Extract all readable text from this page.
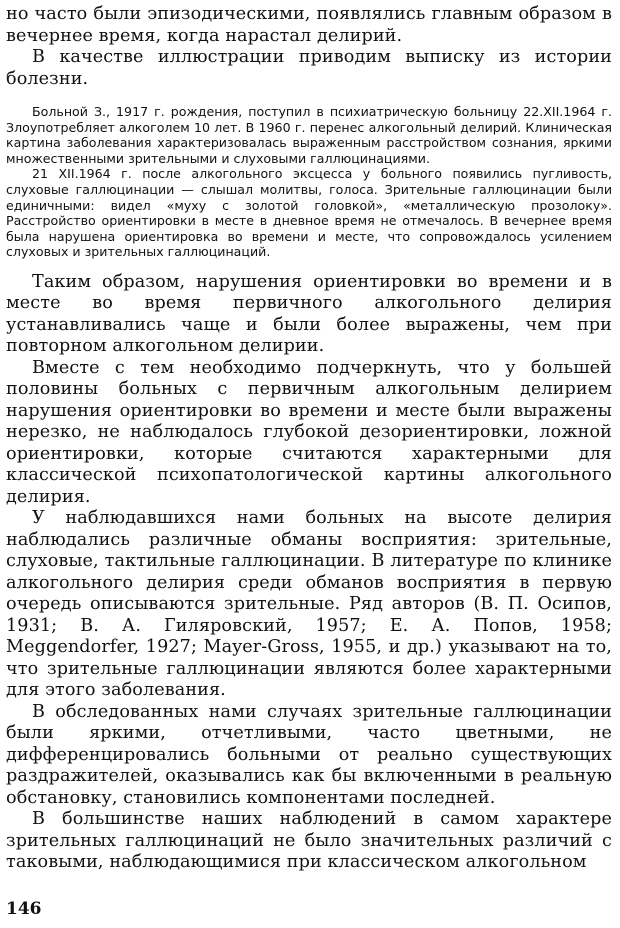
но часто были эпизодическими, появлялись главным образом в вечернее время, когда нарастал делирий.

В качестве иллюстрации приводим выписку из истории болезни.

Больной З., 1917 г. рождения, поступил в психиатрическую больницу 22.XII.1964 г. Злоупотребляет алкоголем 10 лет. В 1960 г. перенес алкогольный делирий. Клиническая картина заболевания характеризовалась выраженным расстройством сознания, яркими множественными зрительными и слуховыми галлюцинациями.

21 XII.1964 г. после алкогольного эксцесса у больного появились пугливость, слуховые галлюцинации — слышал молитвы, голоса. Зрительные галлюцинации были единичными: видел «муху с золотой головкой», «металлическую прозолоку». Расстройство ориентировки в месте в дневное время не отмечалось. В вечернее время была нарушена ориентировка во времени и месте, что сопровождалось усилением слуховых и зрительных галлюцинаций.

Таким образом, нарушения ориентировки во времени и в месте во время первичного алкогольного делирия устанавливались чаще и были более выражены, чем при повторном алкогольном делирии.

Вместе с тем необходимо подчеркнуть, что у большей половины больных с первичным алкогольным делирием нарушения ориентировки во времени и месте были выражены нерезко, не наблюдалось глубокой дезориентировки, ложной ориентировки, которые считаются характерными для классической психопатологической картины алкогольного делирия.

У наблюдавшихся нами больных на высоте делирия наблюдались различные обманы восприятия: зрительные, слуховые, тактильные галлюцинации. В литературе по клинике алкогольного делирия среди обманов восприятия в первую очередь описываются зрительные. Ряд авторов (В. П. Осипов, 1931; В. А. Гиляровский, 1957; Е. А. Попов, 1958; Meggendorfer, 1927; Mayer-Gross, 1955, и др.) указывают на то, что зрительные галлюцинации являются более характерными для этого заболевания.

В обследованных нами случаях зрительные галлюцинации были яркими, отчетливыми, часто цветными, не дифференцировались больными от реально существующих раздражителей, оказывались как бы включенными в реальную обстановку, становились компонентами последней.

В большинстве наших наблюдений в самом характере зрительных галлюцинаций не было значительных различий с таковыми, наблюдающимися при классическом алкогольном

146
